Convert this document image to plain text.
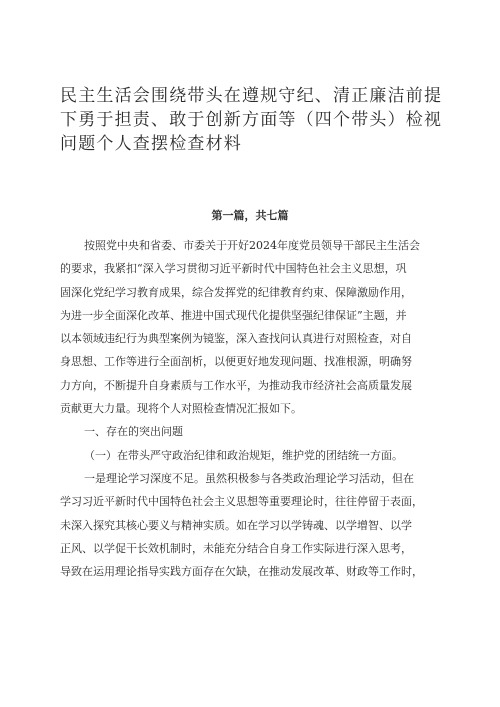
民主生活会围绕带头在遵规守纪、清正廉洁前提
下勇于担责、敢于创新方面等（四个带头）检视
问题个人查摆检查材料
第一篇，共七篇
按照党中央和省委、市委关于开好2024年度党员领导干部民主生活会
的要求，我紧扣“深入学习贯彻习近平新时代中国特色社会主义思想，巩
固深化党纪学习教育成果，综合发挥党的纪律教育约束、保障激励作用，
为进一步全面深化改革、推进中国式现代化提供坚强纪律保证”主题，并
以本领域违纪行为典型案例为镜鉴，深入查找问认真进行对照检查，对自
身思想、工作等进行全面剖析，以便更好地发现问题、找准根源，明确努
力方向，不断提升自身素质与工作水平，为推动我市经济社会高质量发展
贡献更大力量。现将个人对照检查情况汇报如下。
一、存在的突出问题
（一）在带头严守政治纪律和政治规矩，维护党的团结统一方面。
一是理论学习深度不足。虽然积极参与各类政治理论学习活动，但在
学习习近平新时代中国特色社会主义思想等重要理论时，往往停留于表面，
未深入探究其核心要义与精神实质。如在学习以学铸魂、以学增智、以学
正风、以学促干长效机制时，未能充分结合自身工作实际进行深入思考，
导致在运用理论指导实践方面存在欠缺，在推动发展改革、财政等工作时，
